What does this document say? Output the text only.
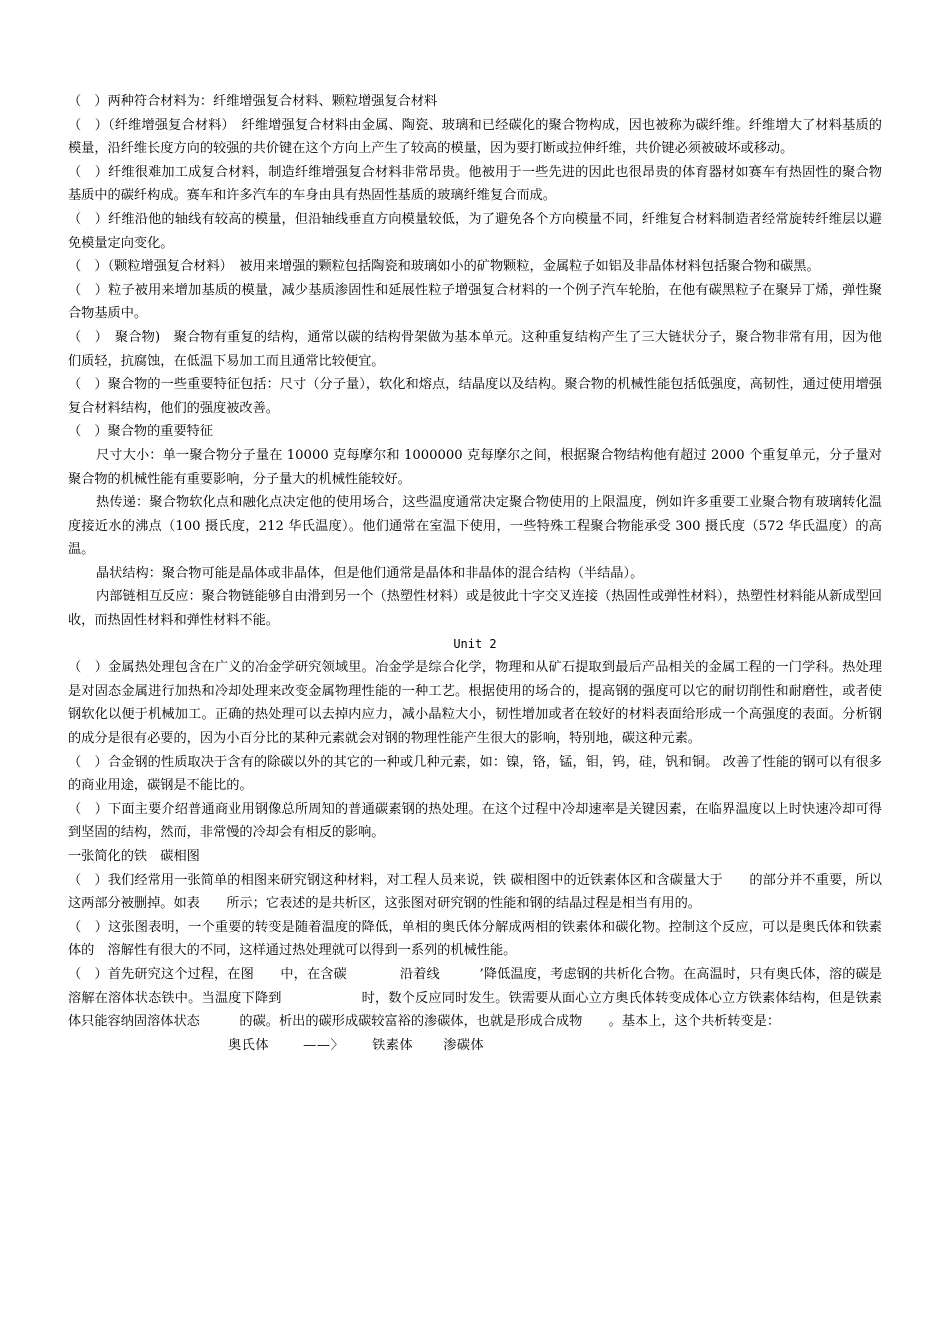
（　）两种符合材料为：纤维增强复合材料、颗粒增强复合材料

（　）（纤维增强复合材料）　纤维增强复合材料由金属、陶瓷、玻璃和已经碳化的聚合物构成，因也被称为碳纤维。纤维增大了材料基质的模量，沿纤维长度方向的较强的共价键在这个方向上产生了较高的模量，因为要打断或拉伸纤维，共价键必须被破坏或移动。

（　）纤维很难加工成复合材料，制造纤维增强复合材料非常昂贵。他被用于一些先进的因此也很昂贵的体育器材如赛车有热固性的聚合物基质中的碳纤构成。赛车和许多汽车的车身由具有热固性基质的玻璃纤维复合而成。

（　）纤维沿他的轴线有较高的模量，但沿轴线垂直方向模量较低，为了避免各个方向模量不同，纤维复合材料制造者经常旋转纤维层以避免模量定向变化。

（　）（颗粒增强复合材料）　被用来增强的颗粒包括陶瓷和玻璃如小的矿物颗粒，金属粒子如铝及非晶体材料包括聚合物和碳黑。

（　）粒子被用来增加基质的模量，减少基质渗固性和延展性粒子增强复合材料的一个例子汽车轮胎，在他有碳黑粒子在聚异丁烯，弹性聚合物基质中。

（　）　聚合物)　聚合物有重复的结构，通常以碳的结构骨架做为基本单元。这种重复结构产生了三大链状分子，聚合物非常有用，因为他们质轻，抗腐蚀，在低温下易加工而且通常比较便宜。

（　）聚合物的一些重要特征包括：尺寸（分子量），软化和熔点，结晶度以及结构。聚合物的机械性能包括低强度，高韧性，通过使用增强复合材料结构，他们的强度被改善。

（　）聚合物的重要特征

尺寸大小：单一聚合物分子量在 10000 克每摩尔和 1000000 克每摩尔之间，根据聚合物结构他有超过 2000 个重复单元，分子量对聚合物的机械性能有重要影响，分子量大的机械性能较好。

热传递：聚合物软化点和融化点决定他的使用场合，这些温度通常决定聚合物使用的上限温度，例如许多重要工业聚合物有玻璃转化温度接近水的沸点（100 摄氏度，212 华氏温度）。他们通常在室温下使用，一些特殊工程聚合物能承受 300 摄氏度（572 华氏温度）的高温。

晶状结构：聚合物可能是晶体或非晶体，但是他们通常是晶体和非晶体的混合结构（半结晶）。

内部链相互反应：聚合物链能够自由滑到另一个（热塑性材料）或是彼此十字交叉连接（热固性或弹性材料），热塑性材料能从新成型回收，而热固性材料和弹性材料不能。

Unit 2　 　　　　

（　）金属热处理包含在广义的冶金学研究领域里。冶金学是综合化学，物理和从矿石提取到最后产品相关的金属工程的一门学科。热处理是对固态金属进行加热和冷却处理来改变金属物理性能的一种工艺。根据使用的场合的，提高钢的强度可以它的耐切削性和耐磨性，或者使钢软化以便于机械加工。正确的热处理可以去掉内应力，减小晶粒大小，韧性增加或者在较好的材料表面给形成一个高强度的表面。分析钢的成分是很有必要的，因为小百分比的某种元素就会对钢的物理性能产生很大的影响，特别地，碳这种元素。

（　）合金钢的性质取决于含有的除碳以外的其它的一种或几种元素，如：镍，铬，锰，钼，钨，硅，钒和铜。 改善了性能的钢可以有很多的商业用途，碳钢是不能比的。

（　）下面主要介绍普通商业用钢像总所周知的普通碳素钢的热处理。在这个过程中冷却速率是关键因素，在临界温度以上时快速冷却可得到坚固的结构，然而，非常慢的冷却会有相反的影响。

一张简化的铁　碳相图

（　）我们经常用一张简单的相图来研究钢这种材料，对工程人员来说，铁 碳相图中的近铁素体区和含碳量大于　　的部分并不重要，所以这两部分被删掉。如表　　所示；它表述的是共析区，这张图对研究钢的性能和钢的结晶过程是相当有用的。

（　）这张图表明，一个重要的转变是随着温度的降低，单相的奥氏体分解成两相的铁素体和碳化物。控制这个反应，可以是奥氏体和铁素体的　溶解性有很大的不同，这样通过热处理就可以得到一系列的机械性能。

（　）首先研究这个过程，在图　　中，在含碳　　　　沿着线　　　’降低温度，考虑钢的共析化合物。在高温时，只有奥氏体，溶的碳是溶解在溶体状态铁中。当温度下降到　　　　　　时，数个反应同时发生。铁需要从面心立方奥氏体转变成体心立方铁素体结构，但是铁素体只能容纳固溶体状态　　　的碳。析出的碳形成碳较富裕的渗碳体，也就是形成合成物　　。基本上，这个共析转变是：

奥氏体	——〉 铁素体 渗碳体
